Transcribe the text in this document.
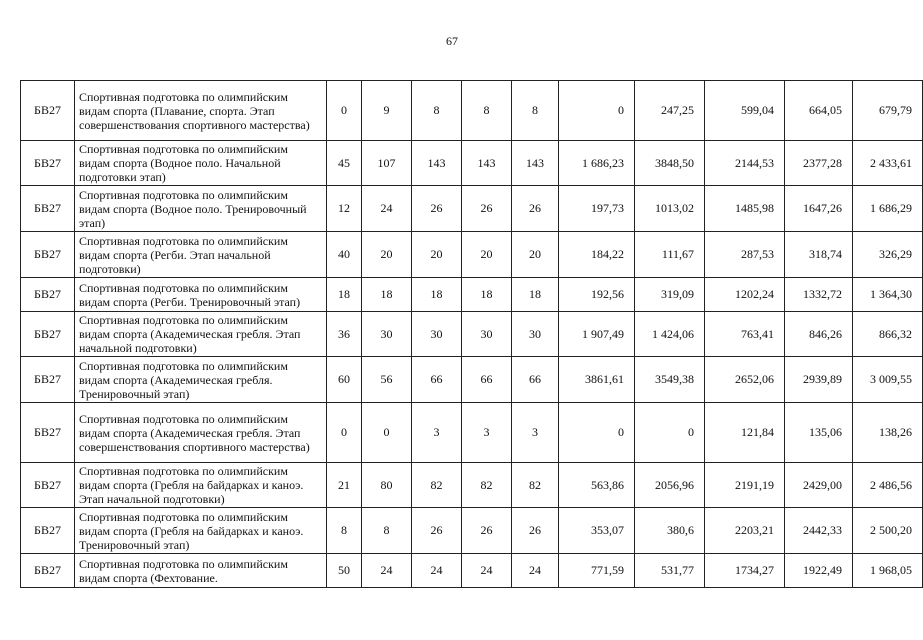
67
БВ27	Спортивная подготовка по олимпийским видам спорта (Плавание, спорта. Этап совершенствования спортивного мастерства)	0	9	8	8	8	0	247,25	599,04	664,05	679,79
БВ27	Спортивная подготовка по олимпийским видам спорта (Водное поло. Начальной подготовки этап)	45	107	143	143	143	1 686,23	3848,50	2144,53	2377,28	2 433,61
БВ27	Спортивная подготовка по олимпийским видам спорта (Водное поло. Тренировочный этап)	12	24	26	26	26	197,73	1013,02	1485,98	1647,26	1 686,29
БВ27	Спортивная подготовка по олимпийским видам спорта (Регби. Этап начальной подготовки)	40	20	20	20	20	184,22	111,67	287,53	318,74	326,29
БВ27	Спортивная подготовка по олимпийским видам спорта (Регби. Тренировочный этап)	18	18	18	18	18	192,56	319,09	1202,24	1332,72	1 364,30
БВ27	Спортивная подготовка по олимпийским видам спорта (Академическая гребля. Этап начальной подготовки)	36	30	30	30	30	1 907,49	1 424,06	763,41	846,26	866,32
БВ27	Спортивная подготовка по олимпийским видам спорта (Академическая гребля. Тренировочный этап)	60	56	66	66	66	3861,61	3549,38	2652,06	2939,89	3 009,55
БВ27	Спортивная подготовка по олимпийским видам спорта (Академическая гребля. Этап совершенствования спортивного мастерства)	0	0	3	3	3	0	0	121,84	135,06	138,26
БВ27	Спортивная подготовка по олимпийским видам спорта (Гребля на байдарках и каноэ. Этап начальной подготовки)	21	80	82	82	82	563,86	2056,96	2191,19	2429,00	2 486,56
БВ27	Спортивная подготовка по олимпийским видам спорта (Гребля на байдарках и каноэ. Тренировочный этап)	8	8	26	26	26	353,07	380,6	2203,21	2442,33	2 500,20
БВ27	Спортивная подготовка по олимпийским видам спорта (Фехтование.	50	24	24	24	24	771,59	531,77	1734,27	1922,49	1 968,05
